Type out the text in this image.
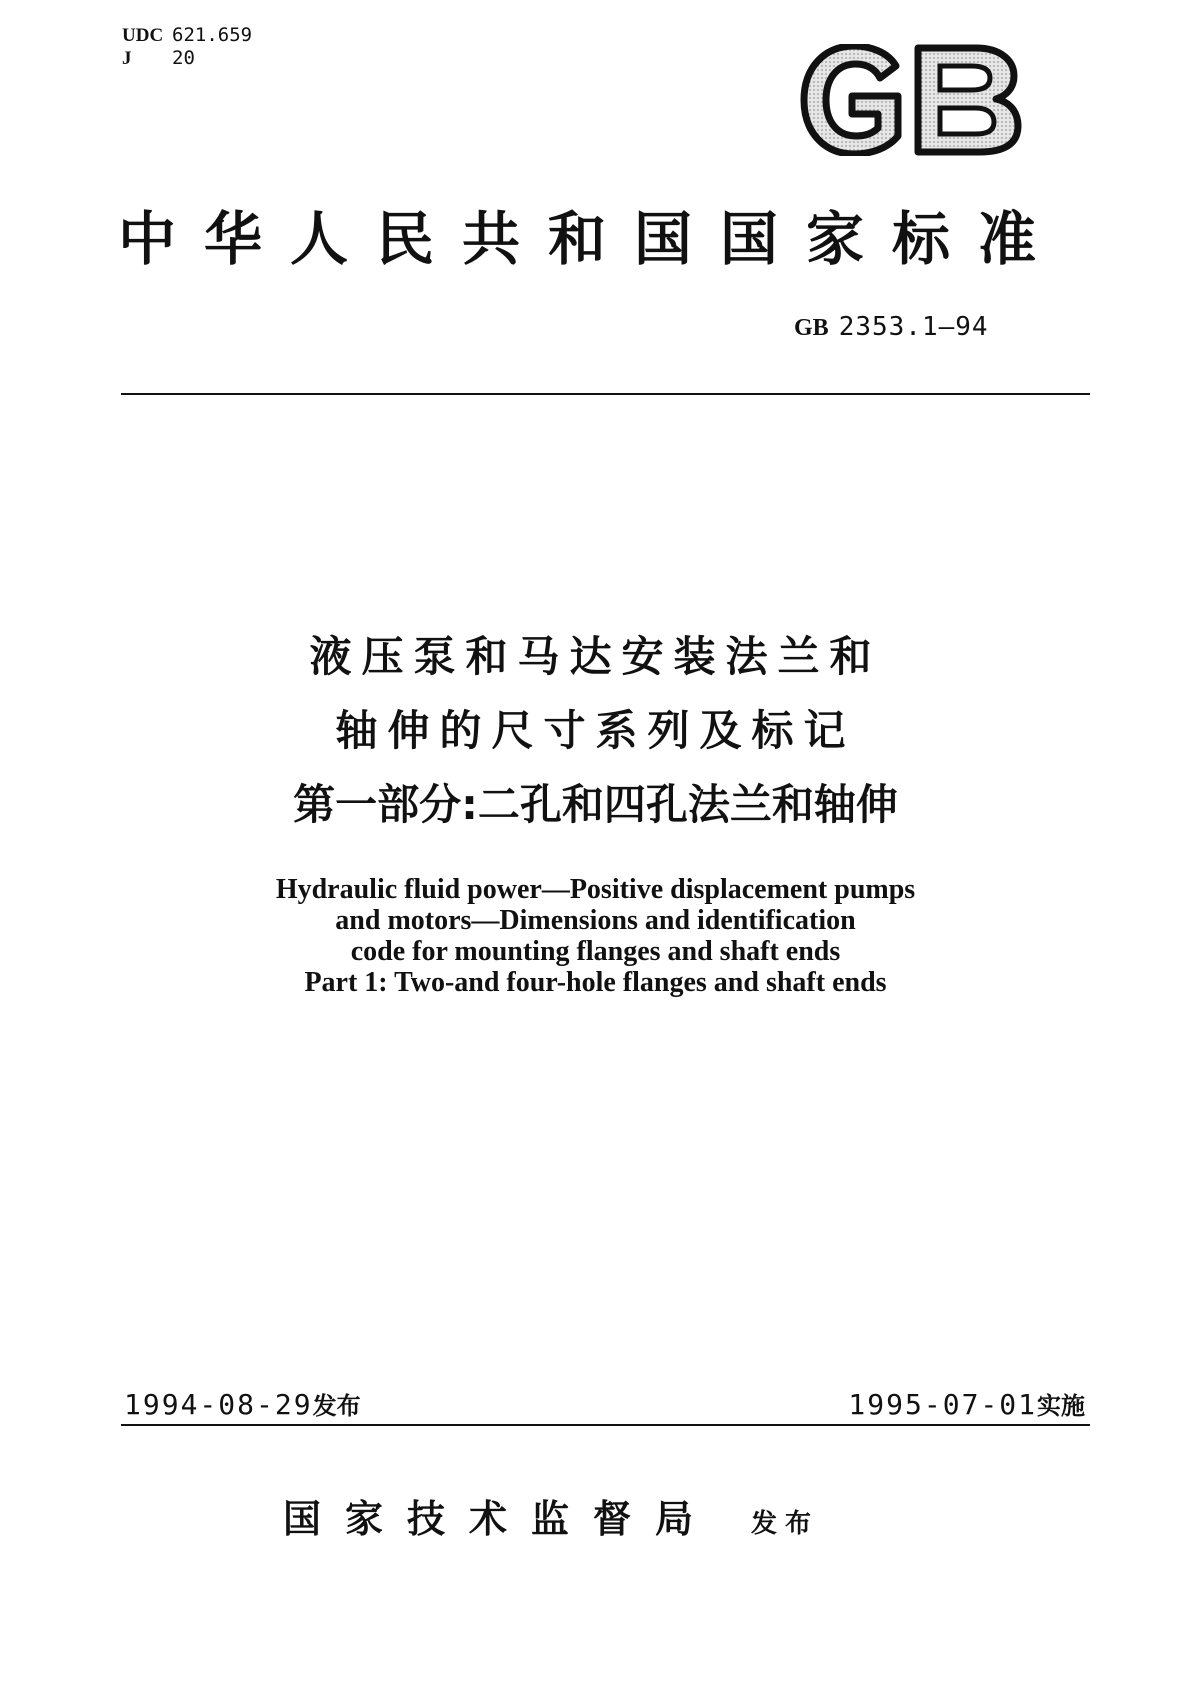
UDC 621.659
J 20
中华人民共和国国家标准
GB 2353.1—94
液压泵和马达安装法兰和
轴伸的尺寸系列及标记
第一部分:二孔和四孔法兰和轴伸
Hydraulic fluid power—Positive displacement pumps
and motors—Dimensions and identification
code for mounting flanges and shaft ends
Part 1: Two-and four-hole flanges and shaft ends
1994-08-29发布	1995-07-01实施
国家技术监督局 发布
